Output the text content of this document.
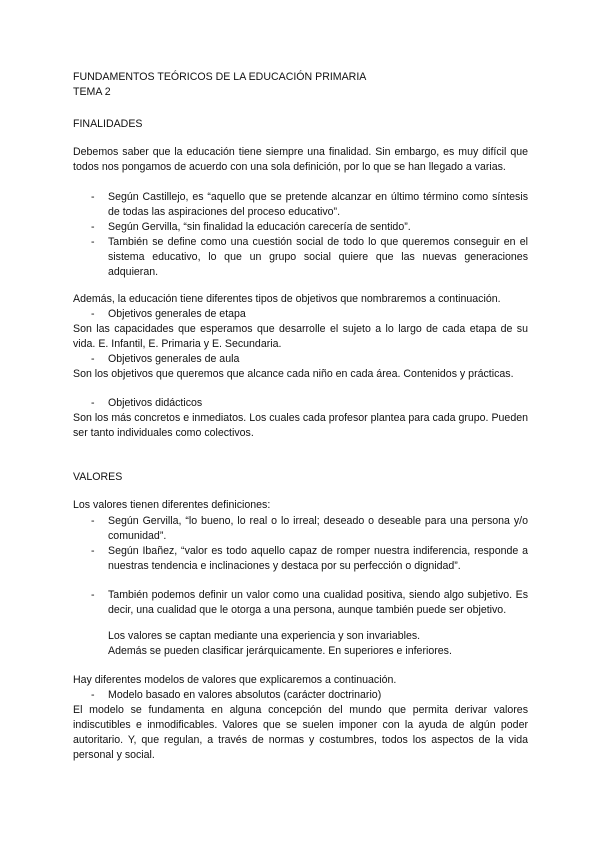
FUNDAMENTOS TEÓRICOS DE LA EDUCACIÓN PRIMARIA

TEMA 2

FINALIDADES

Debemos saber que la educación tiene siempre una finalidad. Sin embargo, es muy difícil que todos nos pongamos de acuerdo con una sola definición, por lo que se han llegado a varias.

- Según Castillejo, es “aquello que se pretende alcanzar en último término como síntesis de todas las aspiraciones del proceso educativo”.

- Según Gervilla, “sin finalidad la educación carecería de sentido”.

- También se define como una cuestión social de todo lo que queremos conseguir en el sistema educativo, lo que un grupo social quiere que las nuevas generaciones adquieran.

Además, la educación tiene diferentes tipos de objetivos que nombraremos a continuación.

- Objetivos generales de etapa

Son las capacidades que esperamos que desarrolle el sujeto a lo largo de cada etapa de su vida. E. Infantil, E. Primaria y E. Secundaria.

- Objetivos generales de aula

Son los objetivos que queremos que alcance cada niño en cada área. Contenidos y prácticas.

- Objetivos didácticos

Son los más concretos e inmediatos. Los cuales cada profesor plantea para cada grupo. Pueden ser tanto individuales como colectivos.

VALORES

Los valores tienen diferentes definiciones:

- Según Gervilla, “lo bueno, lo real o lo irreal; deseado o deseable para una persona y/o comunidad”.

- Según Ibañez, “valor es todo aquello capaz de romper nuestra indiferencia, responde a nuestras tendencia e inclinaciones y destaca por su perfección o dignidad”.

- También podemos definir un valor como una cualidad positiva, siendo algo subjetivo. Es decir, una cualidad que le otorga a una persona, aunque también puede ser objetivo.

Los valores se captan mediante una experiencia y son invariables.

Además se pueden clasificar jerárquicamente. En superiores e inferiores.

Hay diferentes modelos de valores que explicaremos a continuación.

- Modelo basado en valores absolutos (carácter doctrinario)

El modelo se fundamenta en alguna concepción del mundo que permita derivar valores indiscutibles e inmodificables. Valores que se suelen imponer con la ayuda de algún poder autoritario. Y, que regulan, a través de normas y costumbres, todos los aspectos de la vida personal y social.
